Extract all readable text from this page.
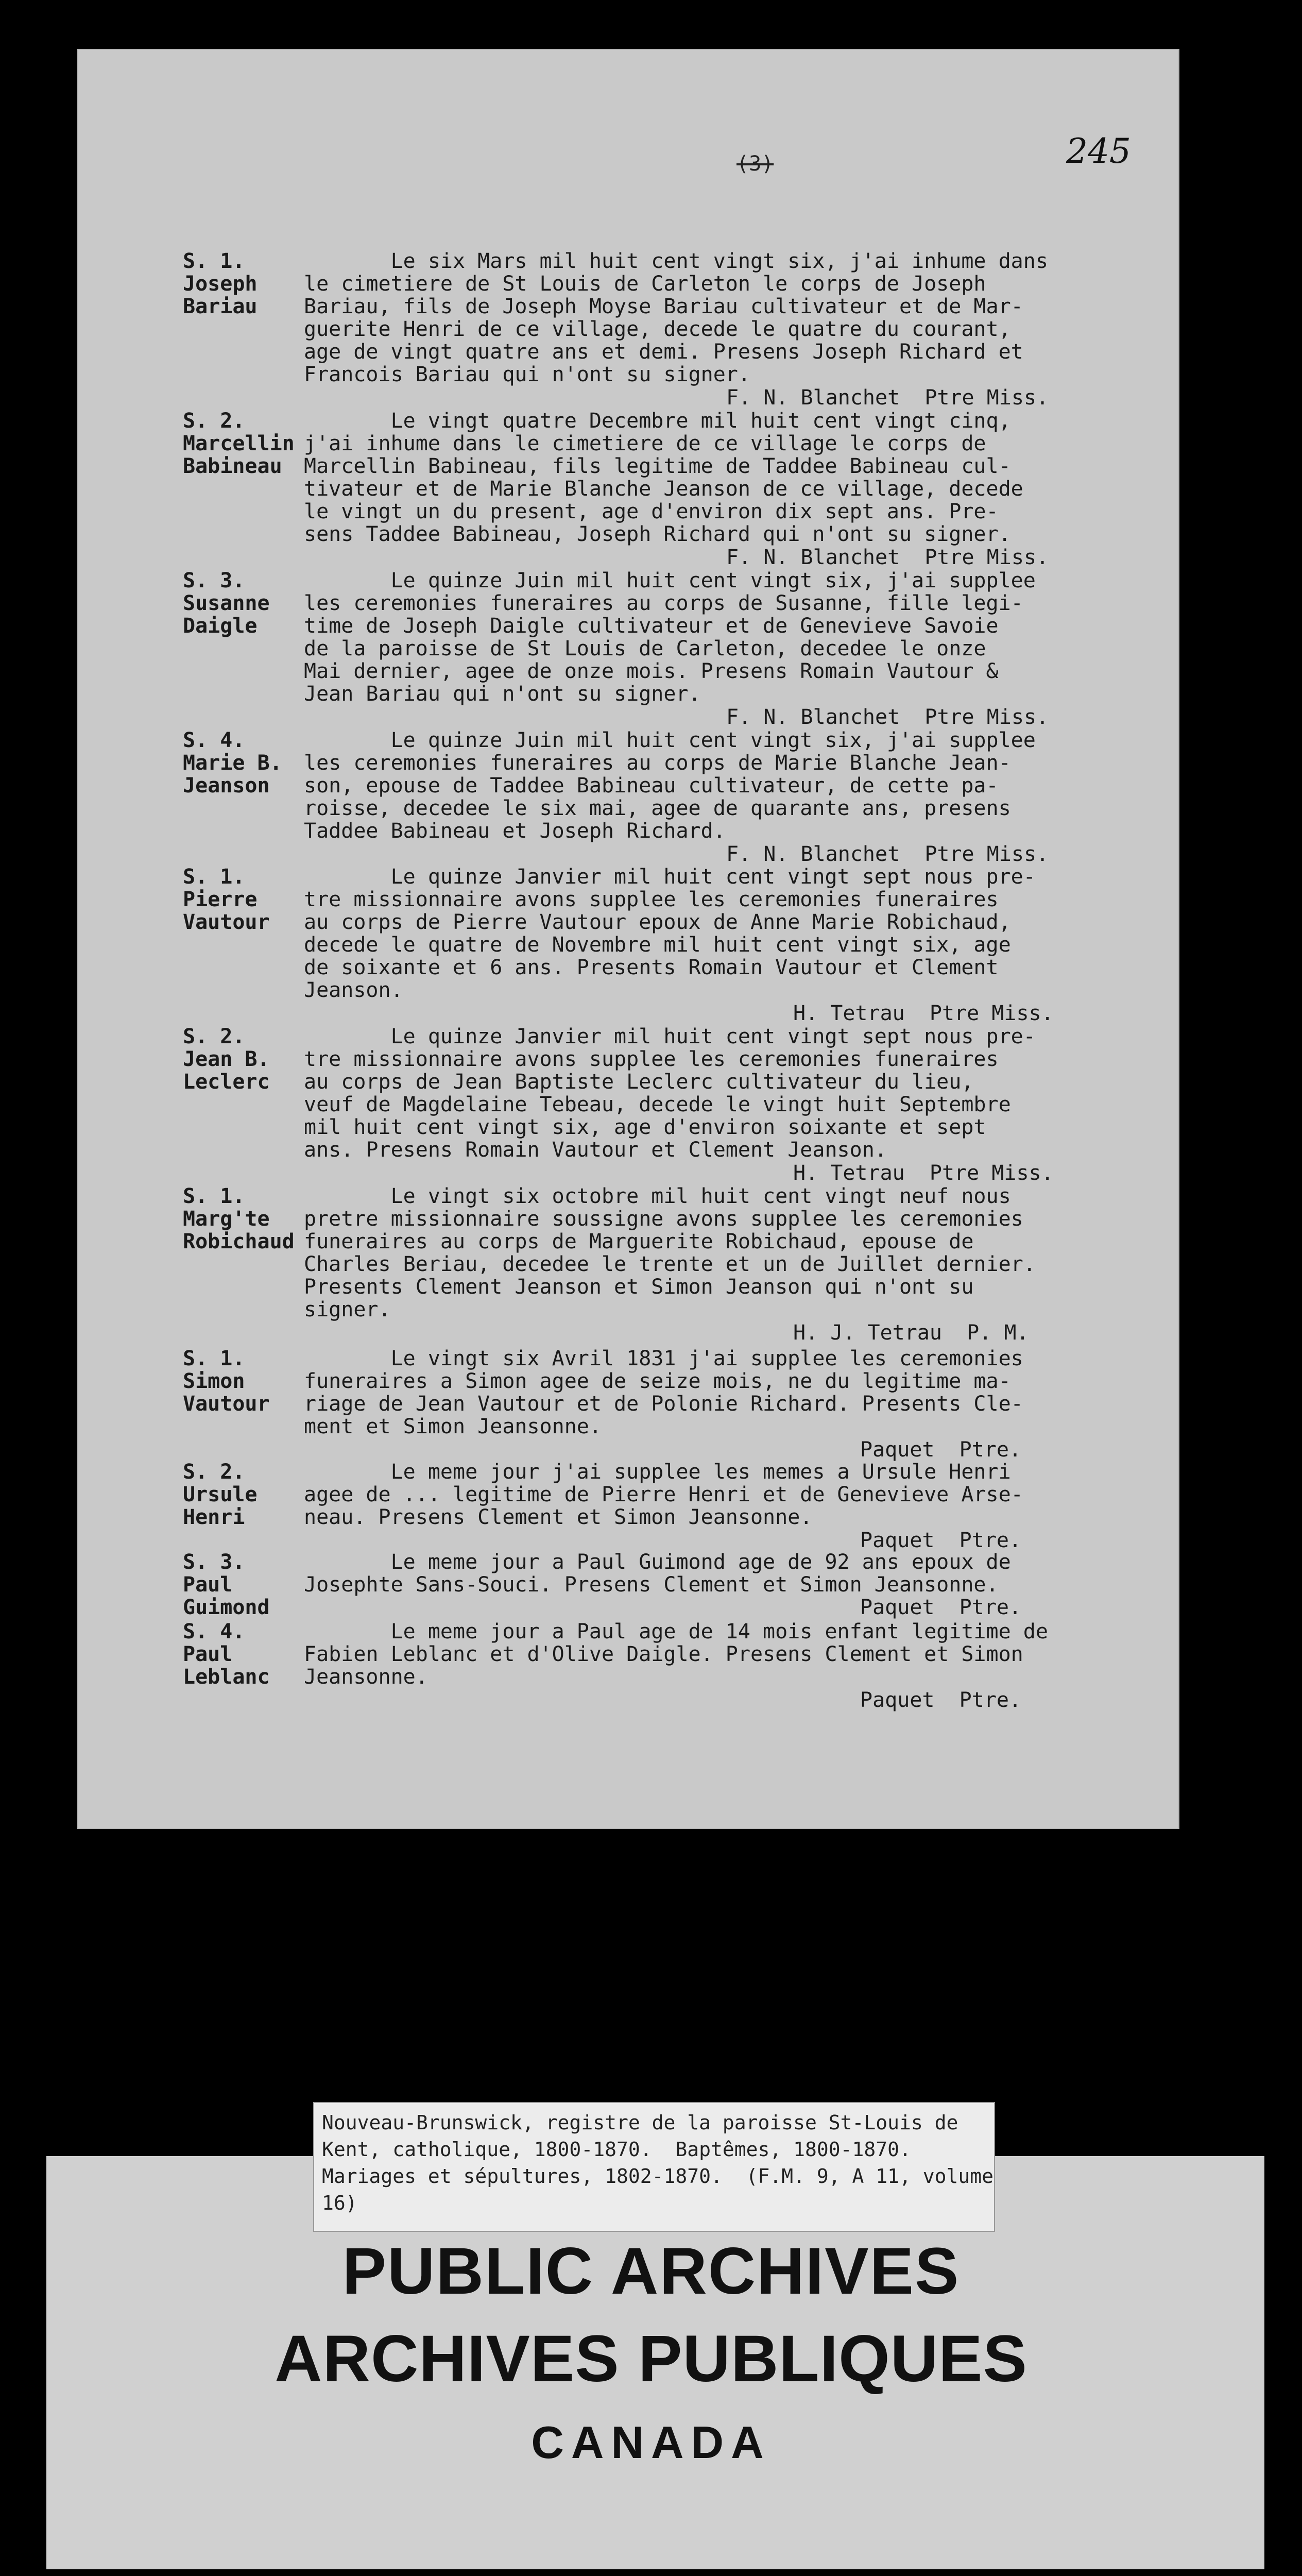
245
(3)
S. 1.
Joseph
Bariau
Le six Mars mil huit cent vingt six, j'ai inhume dans
le cimetiere de St Louis de Carleton le corps de Joseph
Bariau, fils de Joseph Moyse Bariau cultivateur et de Mar-
guerite Henri de ce village, decede le quatre du courant,
age de vingt quatre ans et demi. Presens Joseph Richard et
Francois Bariau qui n'ont su signer.
F. N. Blanchet  Ptre Miss.
S. 2.
Marcellin
Babineau
Le vingt quatre Decembre mil huit cent vingt cinq,
j'ai inhume dans le cimetiere de ce village le corps de
Marcellin Babineau, fils legitime de Taddee Babineau cul-
tivateur et de Marie Blanche Jeanson de ce village, decede
le vingt un du present, age d'environ dix sept ans. Pre-
sens Taddee Babineau, Joseph Richard qui n'ont su signer.
F. N. Blanchet  Ptre Miss.
S. 3.
Susanne
Daigle
Le quinze Juin mil huit cent vingt six, j'ai supplee
les ceremonies funeraires au corps de Susanne, fille legi-
time de Joseph Daigle cultivateur et de Genevieve Savoie
de la paroisse de St Louis de Carleton, decedee le onze
Mai dernier, agee de onze mois. Presens Romain Vautour &
Jean Bariau qui n'ont su signer.
F. N. Blanchet  Ptre Miss.
S. 4.
Marie B.
Jeanson
Le quinze Juin mil huit cent vingt six, j'ai supplee
les ceremonies funeraires au corps de Marie Blanche Jean-
son, epouse de Taddee Babineau cultivateur, de cette pa-
roisse, decedee le six mai, agee de quarante ans, presens
Taddee Babineau et Joseph Richard.
F. N. Blanchet  Ptre Miss.
S. 1.
Pierre
Vautour
Le quinze Janvier mil huit cent vingt sept nous pre-
tre missionnaire avons supplee les ceremonies funeraires
au corps de Pierre Vautour epoux de Anne Marie Robichaud,
decede le quatre de Novembre mil huit cent vingt six, age
de soixante et 6 ans. Presents Romain Vautour et Clement
Jeanson.
H. Tetrau  Ptre Miss.
S. 2.
Jean B.
Leclerc
Le quinze Janvier mil huit cent vingt sept nous pre-
tre missionnaire avons supplee les ceremonies funeraires
au corps de Jean Baptiste Leclerc cultivateur du lieu,
veuf de Magdelaine Tebeau, decede le vingt huit Septembre
mil huit cent vingt six, age d'environ soixante et sept
ans. Presens Romain Vautour et Clement Jeanson.
H. Tetrau  Ptre Miss.
S. 1.
Marg'te
Robichaud
Le vingt six octobre mil huit cent vingt neuf nous
pretre missionnaire soussigne avons supplee les ceremonies
funeraires au corps de Marguerite Robichaud, epouse de
Charles Beriau, decedee le trente et un de Juillet dernier.
Presents Clement Jeanson et Simon Jeanson qui n'ont su
signer.
H. J. Tetrau  P. M.
S. 1.
Simon
Vautour
Le vingt six Avril 1831 j'ai supplee les ceremonies
funeraires a Simon agee de seize mois, ne du legitime ma-
riage de Jean Vautour et de Polonie Richard. Presents Cle-
ment et Simon Jeansonne.
Paquet  Ptre.
S. 2.
Ursule
Henri
Le meme jour j'ai supplee les memes a Ursule Henri
agee de ... legitime de Pierre Henri et de Genevieve Arse-
neau. Presens Clement et Simon Jeansonne.
Paquet  Ptre.
S. 3.
Paul
Guimond
Le meme jour a Paul Guimond age de 92 ans epoux de
Josephte Sans-Souci. Presens Clement et Simon Jeansonne.
Paquet  Ptre.
S. 4.
Paul
Leblanc
Le meme jour a Paul age de 14 mois enfant legitime de
Fabien Leblanc et d'Olive Daigle. Presens Clement et Simon
Jeansonne.
Paquet  Ptre.
Nouveau-Brunswick, registre de la paroisse St-Louis de
Kent, catholique, 1800-1870.  Baptêmes, 1800-1870.
Mariages et sépultures, 1802-1870.  (F.M. 9, A 11, volume
16)
PUBLIC ARCHIVES
ARCHIVES PUBLIQUES
CANADA
